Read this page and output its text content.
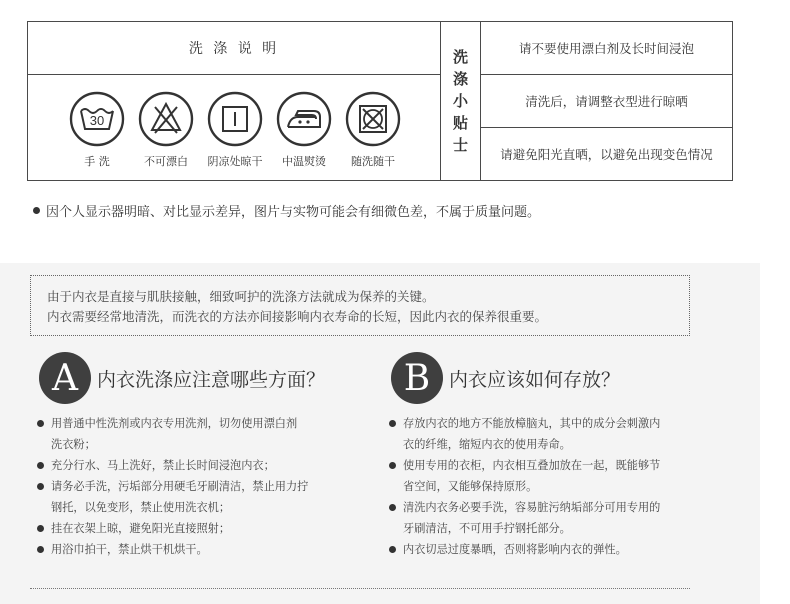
洗 涤 说 明
30
手 洗	不可漂白	阴凉处晾干	中温熨烫	随洗随干
洗
涤
小
贴
士
请不要使用漂白剂及长时间浸泡
清洗后，请调整衣型进行晾晒
请避免阳光直晒，以避免出现变色情况
因个人显示器明暗、对比显示差异，图片与实物可能会有细微色差，不属于质量问题。
由于内衣是直接与肌肤接触，细致呵护的洗涤方法就成为保养的关键。
内衣需要经常地清洗，而洗衣的方法亦间接影响内衣寿命的长短，因此内衣的保养很重要。
A	内衣洗涤应注意哪些方面？
用普通中性洗剂或内衣专用洗剂，切勿使用漂白剂
洗衣粉；
充分行水、马上洗好，禁止长时间浸泡内衣；
请务必手洗，污垢部分用硬毛牙刷清洁，禁止用力拧
钢托，以免变形，禁止使用洗衣机；
挂在衣架上晾，避免阳光直接照射；
用浴巾拍干，禁止烘干机烘干。
B 内衣应该如何存放？
存放内衣的地方不能放樟脑丸，其中的成分会刺激内
衣的纤维，缩短内衣的使用寿命。
使用专用的衣柜，内衣相互叠加放在一起，既能够节
省空间，又能够保持原形。
清洗内衣务必要手洗，容易脏污纳垢部分可用专用的
牙刷清洁，不可用手拧钢托部分。
内衣切忌过度暴晒，否则将影响内衣的弹性。
